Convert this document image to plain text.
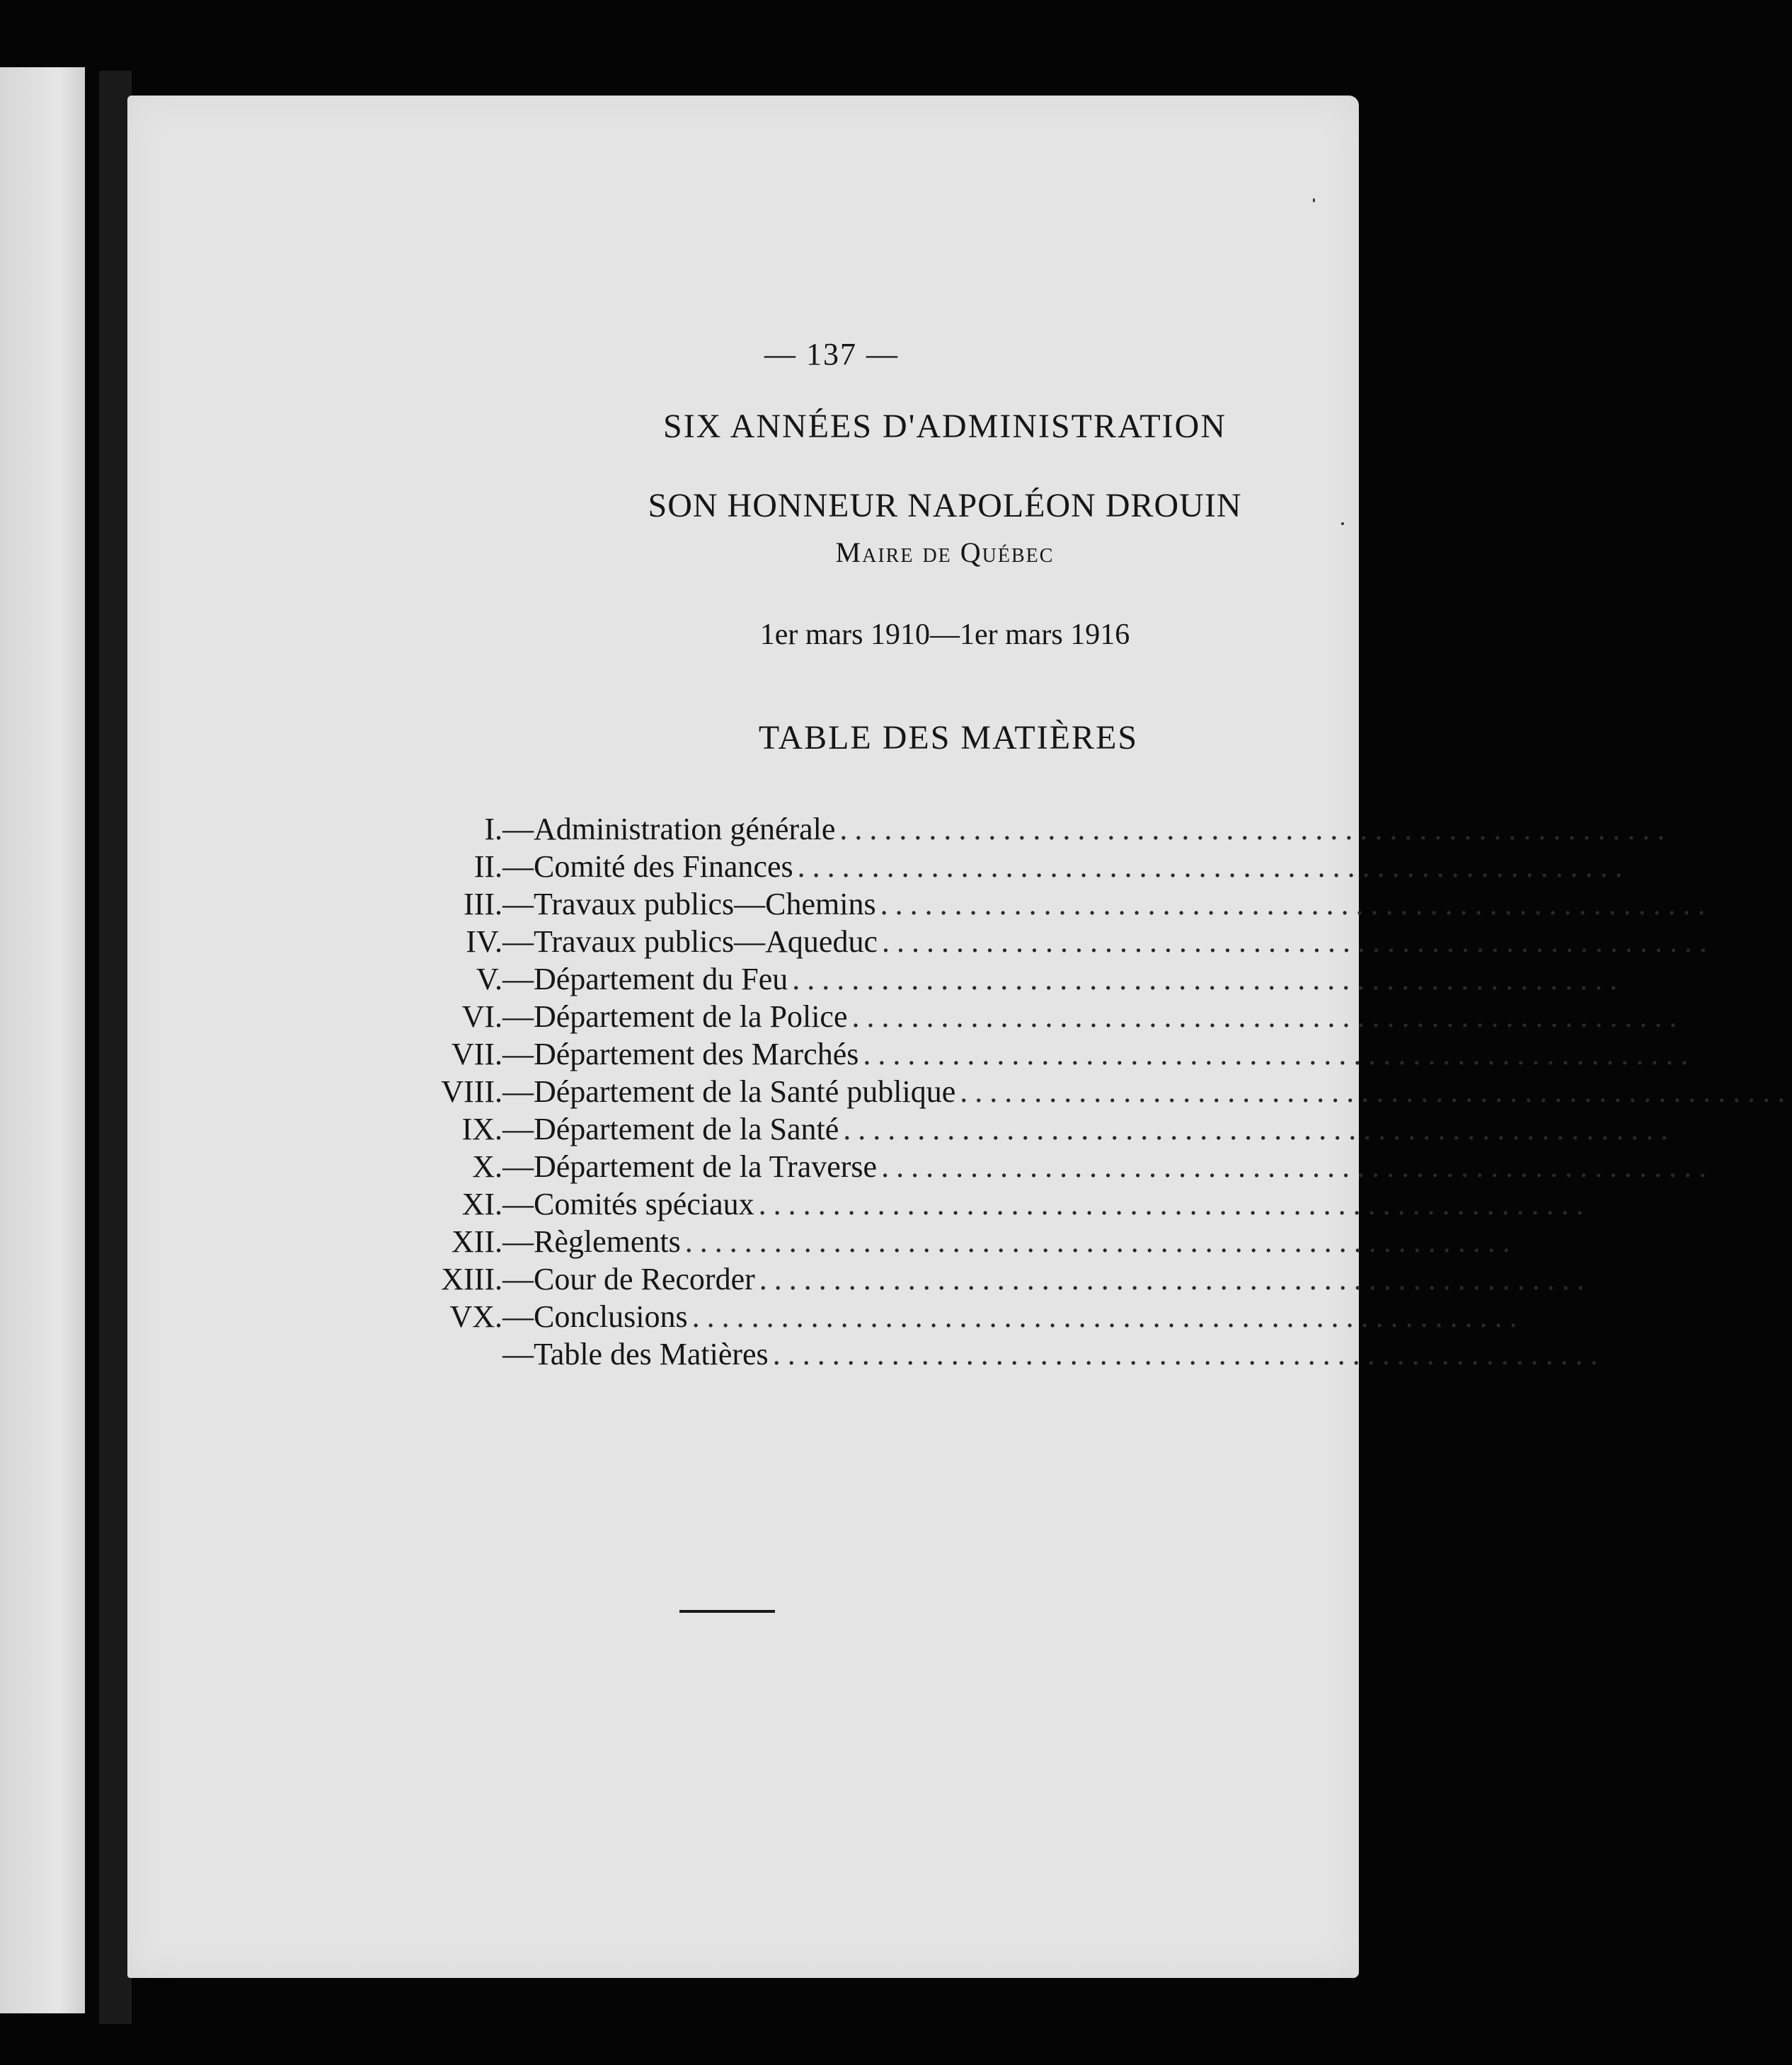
— 137 —
SIX ANNÉES D'ADMINISTRATION
SON HONNEUR NAPOLÉON DROUIN
Maire de Québec
1er mars 1910—1er mars 1916
TABLE DES MATIÈRES
I. —Administration générale ........................................................
II. —Comité des Finances ........................................................
III. —Travaux publics—Chemins ........................................................
IV. —Travaux publics—Aqueduc ........................................................
V. —Département du Feu ........................................................
VI. —Département de la Police ........................................................
VII. —Département des Marchés ........................................................
VIII. —Département de la Santé publique ........................................................
IX. —Département de la Santé ........................................................
X. —Département de la Traverse ........................................................
XI. —Comités spéciaux ........................................................
XII. —Règlements ........................................................
XIII. —Cour de Recorder ........................................................
VX. —Conclusions ........................................................
—Table des Matières ........................................................
